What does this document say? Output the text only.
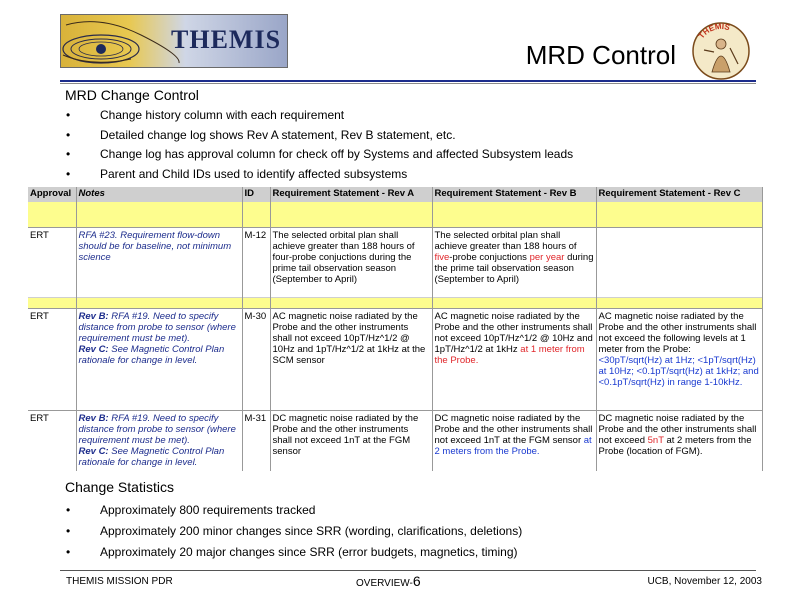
THEMIS
MRD Control
THEMIS
MRD Change Control
• Change history column with each requirement
• Detailed change log shows Rev A statement, Rev B statement, etc.
• Change log has approval column for check off by Systems and affected Subsystem leads
• Parent and Child IDs used to identify affected subsystems
Approval	Notes	ID	Requirement Statement - Rev A	Requirement Statement - Rev B	Requirement Statement - Rev C

ERT	RFA #23. Requirement flow-down should be for baseline, not minimum science	M-12	The selected orbital plan shall achieve greater than 188 hours of four-probe conjuctions during the prime tail observation season (September to April)	The selected orbital plan shall achieve greater than 188 hours of five-probe conjuctions per year during the prime tail observation season (September to April)	

ERT	Rev B: RFA #19. Need to specify distance from probe to sensor (where requirement must be met).
Rev C: See Magnetic Control Plan rationale for change in level.	M-30	AC magnetic noise radiated by the Probe and the other instruments shall not exceed 10pT/Hz^1/2 @ 10Hz and 1pT/Hz^1/2 at 1kHz at the SCM sensor	AC magnetic noise radiated by the Probe and the other instruments shall not exceed 10pT/Hz^1/2 @ 10Hz and 1pT/Hz^1/2 at 1kHz at 1 meter from the Probe.	AC magnetic noise radiated by the Probe and the other instruments shall not exceed the following levels at 1 meter from the Probe:
<30pT/sqrt(Hz) at 1Hz; <1pT/sqrt(Hz) at 10Hz; <0.1pT/sqrt(Hz) at 1kHz; and <0.1pT/sqrt(Hz) in range 1-10kHz.
ERT	Rev B: RFA #19. Need to specify distance from probe to sensor (where requirement must be met).
Rev C: See Magnetic Control Plan rationale for change in level.	M-31	DC magnetic noise radiated by the Probe and the other instruments shall not exceed 1nT at the FGM sensor	DC magnetic noise radiated by the Probe and the other instruments shall not exceed 1nT at the FGM sensor at 2 meters from the Probe.	DC magnetic noise radiated by the Probe and the other instruments shall not exceed 5nT at 2 meters from the Probe (location of FGM).
Change Statistics
• Approximately 800 requirements tracked
• Approximately 200 minor changes since SRR (wording, clarifications, deletions)
• Approximately 20 major changes since SRR (error budgets, magnetics, timing)
THEMIS MISSION PDR	OVERVIEW-6	UCB, November 12, 2003
